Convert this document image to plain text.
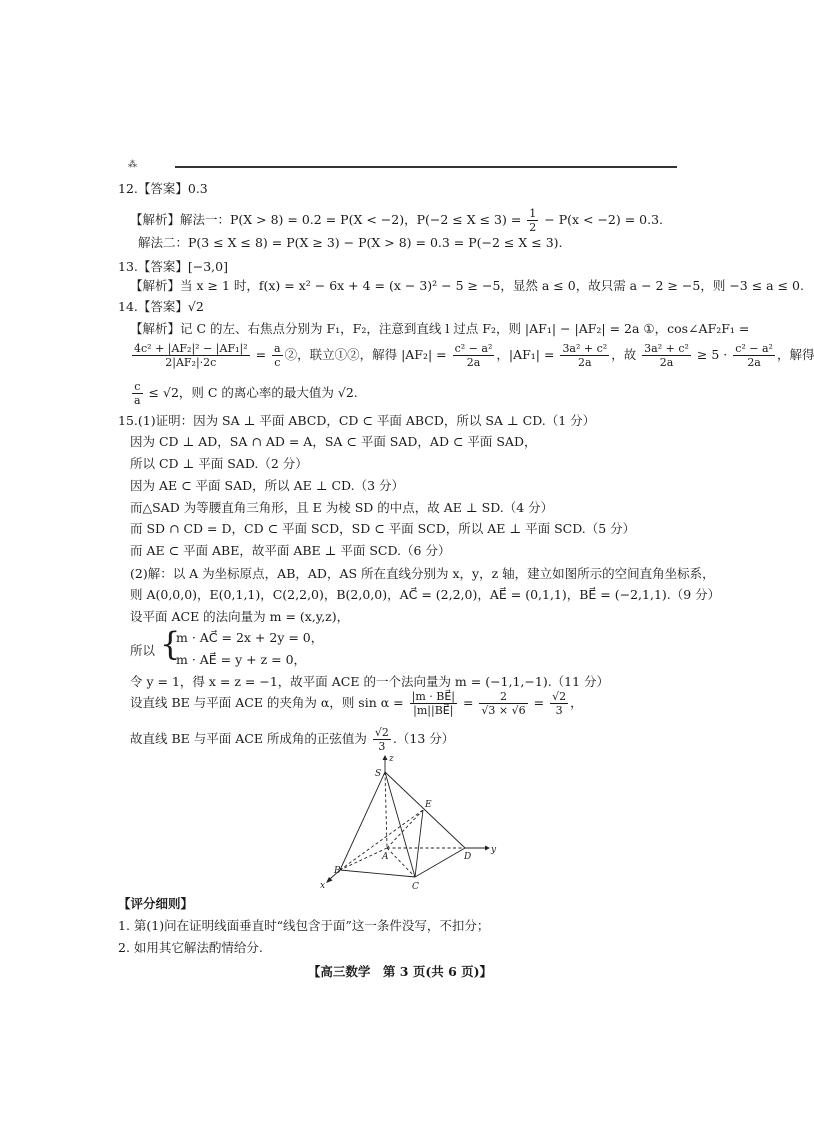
⁂
12.【答案】0.3
【解析】解法一：P(X > 8) = 0.2 = P(X < −2)，$P(-2 \le X \le 3) = \frac{1}{2} - P(x < -2) = 0.3$.
解法二：P(3 ≤ X ≤ 8) = P(X ≥ 3) − P(X > 8) = 0.3 = P(−2 ≤ X ≤ 3).
13.【答案】[−3,0]
【解析】当 x ≥ 1 时，f(x) = x² − 6x + 4 = (x − 3)² − 5 ≥ −5，显然 a ≤ 0，故只需 a − 2 ≥ −5，则 −3 ≤ a ≤ 0.
14.【答案】√2
【解析】记 C 的左、右焦点分别为 F₁，F₂，注意到直线 l 过点 F₂，则 |AF₁| − |AF₂| = 2a ①，cos∠AF₂F₁ =
$\frac{\text{4c² + |AF₂|² − |AF₁|²}}{\text{2|AF₂|·2c}} = \frac{a}{c}$ ②，联立①②，解得 $|AF_2| = \frac{\text{c² − a²}}{2a}$ ，$|AF_1| = \frac{\text{3a² + c²}}{2a}$ ，故 $\frac{\text{3a² + c²}}{2a} \ge 5 \cdot \frac{\text{c² − a²}}{2a}$ ，解得
$\frac{c}{a} \le √2$，则 C 的离心率的最大值为 √2.
15.(1)证明：因为 SA ⊥ 平面 ABCD，CD ⊂ 平面 ABCD，所以 SA ⊥ CD.（1 分）
因为 CD ⊥ AD，SA ∩ AD = A，SA ⊂ 平面 SAD，AD ⊂ 平面 SAD，
所以 CD ⊥ 平面 SAD.（2 分）
因为 AE ⊂ 平面 SAD，所以 AE ⊥ CD.（3 分）
而△SAD 为等腰直角三角形，且 E 为棱 SD 的中点，故 AE ⊥ SD.（4 分）
而 SD ∩ CD = D，CD ⊂ 平面 SCD，SD ⊂ 平面 SCD，所以 AE ⊥ 平面 SCD.（5 分）
而 AE ⊂ 平面 ABE，故平面 ABE ⊥ 平面 SCD.（6 分）
(2)解：以 A 为坐标原点，AB，AD，AS 所在直线分别为 x，y，z 轴，建立如图所示的空间直角坐标系，
则 A(0,0,0)，E(0,1,1)，C(2,2,0)，B(2,0,0)，AC⃗ = (2,2,0)，AE⃗ = (0,1,1)，BE⃗ = (−2,1,1).（9 分）
设平面 ACE 的法向量为 m = (x,y,z)，
所以 {
m · AC⃗ = 2x + 2y = 0，
m · AE⃗ = y + z = 0，
令 y = 1，得 x = z = −1，故平面 ACE 的一个法向量为 m = (−1,1,−1).（11 分）
设直线 BE 与平面 ACE 的夹角为 α，则 $\sin \alpha = \frac{|m \cdot BE⃗|}{|m||BE⃗|} = \frac{2}{√3 \times √6} = \frac{√2}{3}$ ，
故直线 BE 与平面 ACE 所成角的正弦值为 $\frac{√2}{3} .(13$ 分）
S
z
E
A	D
y
B
x	C
【评分细则】
1. 第(1)问在证明线面垂直时“线包含于面”这一条件没写，不扣分；
2. 如用其它解法酌情给分.
【高三数学　第 3 页(共 6 页)】
